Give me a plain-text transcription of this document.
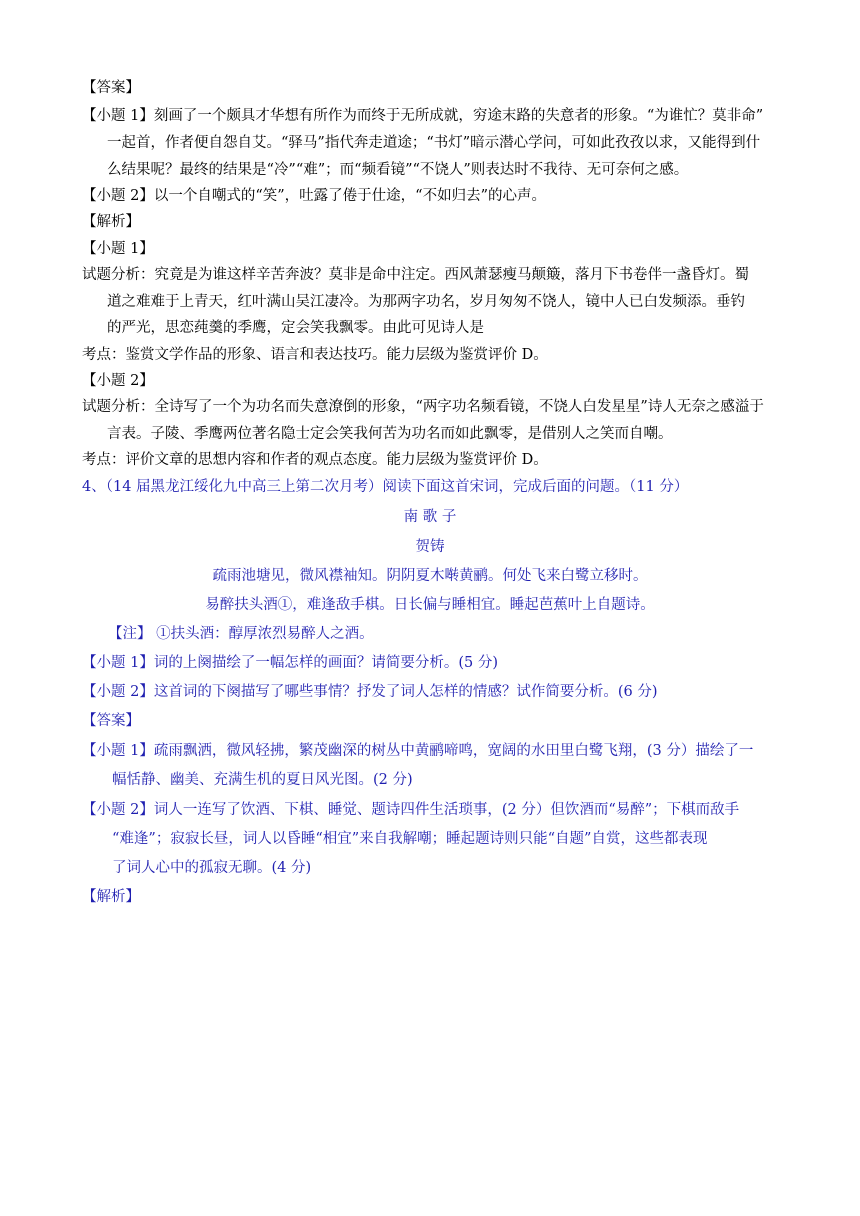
【答案】
【小题 1】刻画了一个颇具才华想有所作为而终于无所成就，穷途末路的失意者的形象。“为谁忙？莫非命”
一起首，作者便自怨自艾。“驿马”指代奔走道途；“书灯”暗示潜心学问，可如此孜孜以求，又能得到什
么结果呢？最终的结果是“冷”“难”；而“频看镜”“不饶人”则表达时不我待、无可奈何之感。
【小题 2】以一个自嘲式的“笑”，吐露了倦于仕途，“不如归去”的心声。
【解析】
【小题 1】
试题分析：究竟是为谁这样辛苦奔波？莫非是命中注定。西风萧瑟瘦马颠簸，落月下书卷伴一盏昏灯。蜀
道之难难于上青天，红叶满山吴江凄冷。为那两字功名，岁月匆匆不饶人，镜中人已白发频添。垂钓
的严光，思恋莼羹的季鹰，定会笑我飘零。由此可见诗人是
考点：鉴赏文学作品的形象、语言和表达技巧。能力层级为鉴赏评价 D。
【小题 2】
试题分析：全诗写了一个为功名而失意潦倒的形象，“两字功名频看镜，不饶人白发星星”诗人无奈之感溢于
言表。子陵、季鹰两位著名隐士定会笑我何苦为功名而如此飘零，是借别人之笑而自嘲。
考点：评价文章的思想内容和作者的观点态度。能力层级为鉴赏评价 D。
4、（14 届黑龙江绥化九中高三上第二次月考）阅读下面这首宋词，完成后面的问题。（11 分）
南 歌 子
贺铸
疏雨池塘见，微风襟袖知。阴阴夏木啭黄鹂。何处飞来白鹭立移时。
易醉扶头酒①，难逢敌手棋。日长偏与睡相宜。睡起芭蕉叶上自题诗。
【注】 ①扶头酒：醇厚浓烈易醉人之酒。
【小题 1】词的上阕描绘了一幅怎样的画面？请简要分析。(5 分)
【小题 2】这首词的下阕描写了哪些事情？抒发了词人怎样的情感？试作简要分析。(6 分)
【答案】
【小题 1】疏雨飘洒，微风轻拂，繁茂幽深的树丛中黄鹂啼鸣，宽阔的水田里白鹭飞翔，(3 分）描绘了一
幅恬静、幽美、充满生机的夏日风光图。(2 分)
【小题 2】词人一连写了饮酒、下棋、睡觉、题诗四件生活琐事，(2 分）但饮酒而“易醉”；下棋而敌手
“难逢”；寂寂长昼，词人以昏睡“相宜”来自我解嘲；睡起题诗则只能“自题”自赏，这些都表现
了词人心中的孤寂无聊。(4 分)
【解析】
